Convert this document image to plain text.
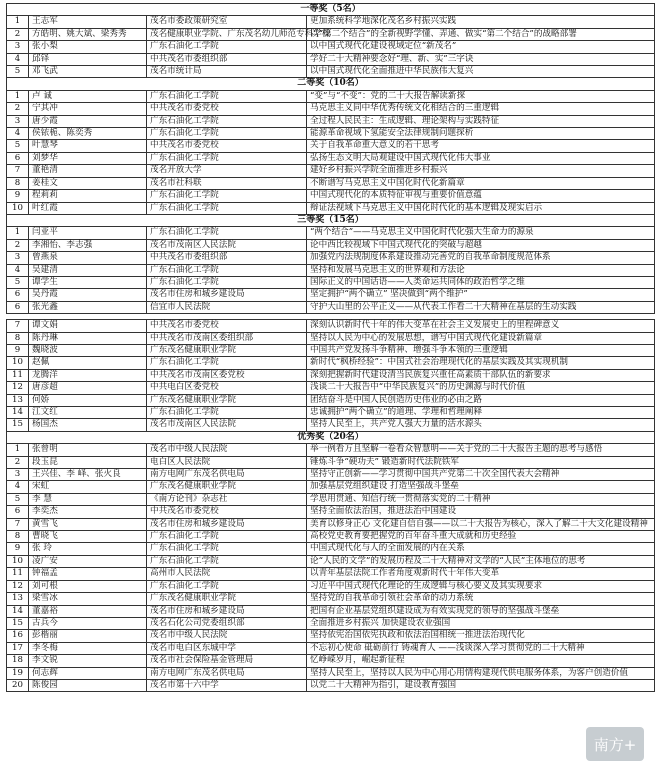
一等奖（5名）			
1	王志军	茂名市委政策研究室	更加系统科学地深化茂名乡村振兴实践
2	方皓明、姚大斌、梁秀秀	茂名健康职业学院、广东茂名幼儿师范专科学校	以“第二个结合”的全新视野学懂、弄通、做实“第二个结合”的战略部署
3	张小梨	广东石油化工学院	以中国式现代化建设视域定位“新茂名”
4	邱铎	中共茂名市委组织部	学好二十大精神要念好“理、新、实”三字诀
5	邓飞武	茂名市统计局	以中国式现代化全面推进中华民族伟大复兴
二等奖（10名）			
1	卢 诚	广东石油化工学院	“变”与“不变”：党的二十大报告解读新探
2	宁其冲	中共茂名市委党校	马克思主义同中华优秀传统文化相结合的三重逻辑
3	唐少霞	广东石油化工学院	全过程人民民主：生成逻辑、理论架构与实践特征
4	侯铱栀、陈奕秀	广东石油化工学院	能源革命视域下氢能安全法律规制问题探析
5	叶慧琴	中共茂名市委党校	关于自我革命重大意义的若干思考
6	刘梦华	广东石油化工学院	弘扬生态文明大局观建设中国式现代化伟大事业
7	董艳清	茂名开放大学	建好乡村振兴学院全面推进乡村振兴
8	姜桂文	茂名市社科联	不断谱写马克思主义中国化时代化新篇章
9	程莉莉	广东石油化工学院	中国式现代化的本质特征审视与重要价值意蕴
10	叶红霞	广东石油化工学院	辩证法视域下马克思主义中国化时代化的基本逻辑及现实启示
三等奖（15名）			
1	闫亚平	广东石油化工学院	“两个结合”——马克思主义中国化时代化强大生命力的源泉
2	李湘怡、李志强	茂名市茂南区人民法院	论中西比较视域下中国式现代化的突破与超越
3	曾燕泉	中共茂名市委组织部	加强党内法规制度体系建设推动完善党的自我革命制度规范体系
4	吴建清	广东石油化工学院	坚持和发展马克思主义的世界观和方法论
5	谭学生	广东石油化工学院	国际正义的中国话语——人类命运共同体的政治哲学之维
6	吴丹霞	茂名市住房和城乡建设局	坚定拥护“两个确立” 坚决做到“两个维护”
6	张光鑫	信宜市人民法院	守护大山里的公平正义——从代表工作看二十大精神在基层的生动实践

7	谭文娟	中共茂名市委党校	深刻认识新时代十年的伟大变革在社会主义发展史上的里程碑意义
8	陈丹琳	中共茂名市茂南区委组织部	坚持以人民为中心的发展思想，谱写中国式现代化建设新篇章
9	魏晓波	广东茂名健康职业学院	中国共产党发扬斗争精神、增强斗争本领的三重逻辑
10	赵佩	广东石油化工学院	新时代“枫桥经验”：中国式社会治理现代化的基层实践及其实现机制
11	龙腾洋	中共茂名市茂南区委党校	深刻把握新时代建设清当民族复兴重任高素质干部队伍的新要求
12	唐彦超	中共电白区委党校	浅谈二十大报告中“中华民族复兴”的历史渊源与时代价值
13	何娇	广东茂名健康职业学院	团结奋斗是中国人民创造历史伟业的必由之路
14	江文红	广东石油化工学院	忠诚拥护“两个确立”的道理、学理和哲理阐释
15	杨国杰	茂名市茂南区人民法院	坚持人民至上，共产党人强大力量的活水源头
优秀奖（20名）			
1	张曾明	茂名市中级人民法院	举一例看万且坚解一卷看众智慧明——关于党的二十大报告主题的思考与感悟
2	段玉昆	电白区人民法院	锤炼斗争“硬功夫” 锻造新时代法院铁军
3	王兴佳、李 峄、张火良	南方电网广东茂名供电局	坚持守正创新——学习贯彻中国共产党第二十次全国代表大会精神
4	宋虹	广东茂名健康职业学院	加强基层党组织建设 打造坚强战斗堡垒
5	李 慧	《南方论刊》杂志社	学思用贯通、知信行统一贯彻落实党的二十精神
6	李奕杰	中共茂名市委党校	坚持全面依法治国，推进法治中国建设
7	黄雪飞	茂名市住房和城乡建设局	美育以修身正心 文化建自信自强——以二十大报告为核心，深入了解二十大文化建设精神
8	曹晓飞	广东石油化工学院	高校党史教育要把握党的百年奋斗重大成就和历史经验
9	张 玲	广东石油化工学院	中国式现代化与人的全面发展的内在关系
10	凌广安	广东石油化工学院	论“人民的文学”的发展历程及二十大精神对文学的“人民”主体地位的思考
11	钟福孟	高州市人民法院	以青年基层法院工作者角度观新时代十年伟大变革
12	刘可根	广东石油化工学院	习近平中国式现代化理论的生成逻辑与核心要义及其实现要求
13	梁雪冰	广东茂名健康职业学院	坚持党的自我革命引领社会革命的动力系统
14	董嘉裕	茂名市住房和城乡建设局	把国有企业基层党组织建设成为有效实现党的领导的坚强战斗堡垒
15	古兵今	茂名石化公司党委组织部	全面推进乡村振兴 加快建设农业强国
16	彭楷丽	茂名市中级人民法院	坚持依宪治国依宪执政和依法治国相统一推进法治现代化
17	李冬梅	茂名市电白区东城中学	不忘初心使命 砥砺前行 铸魂育人 ——浅谈深入学习贯彻党的二十大精神
18	李文锐	茂名市社会保险基金管理局	忆峥嵘岁月，崛起新征程
19	何志辉	南方电网广东茂名供电局	坚持人民至上，坚持以人民为中心用心用情构建现代供电服务体系，为客户创造价值
20	陈俊园	茂名市第十六中学	以党二十大精神为指引，建设教育强国
南方+
